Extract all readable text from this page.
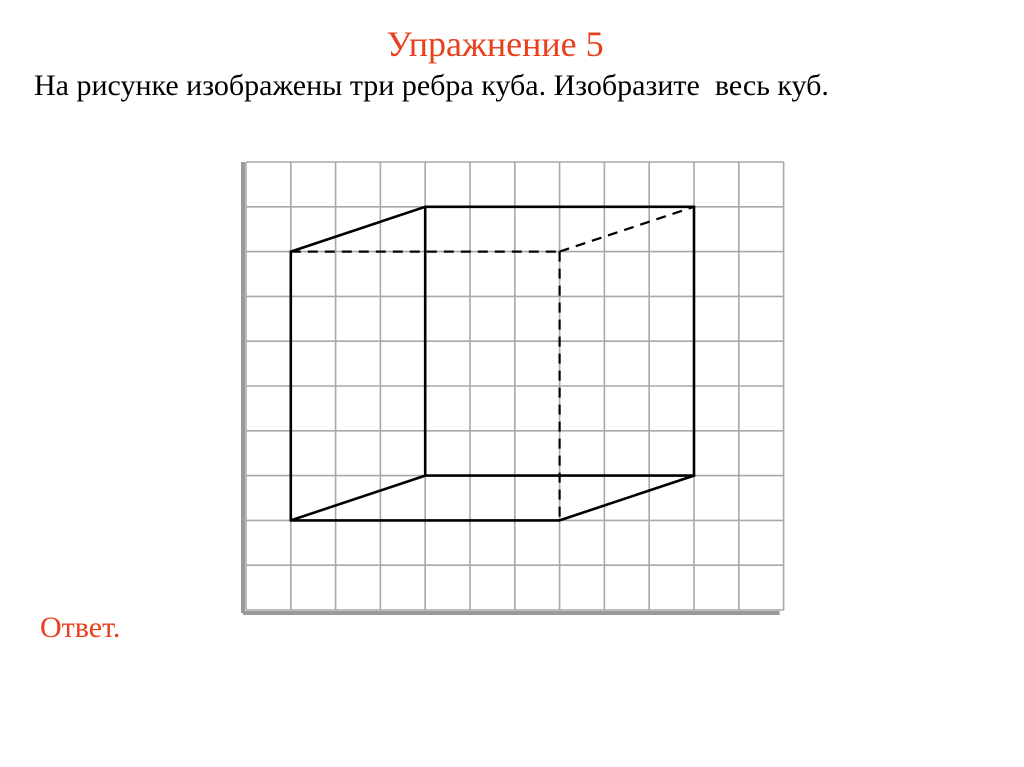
Упражнение 5

На рисунке изображены три ребра куба. Изобразите  весь куб.

Ответ.
